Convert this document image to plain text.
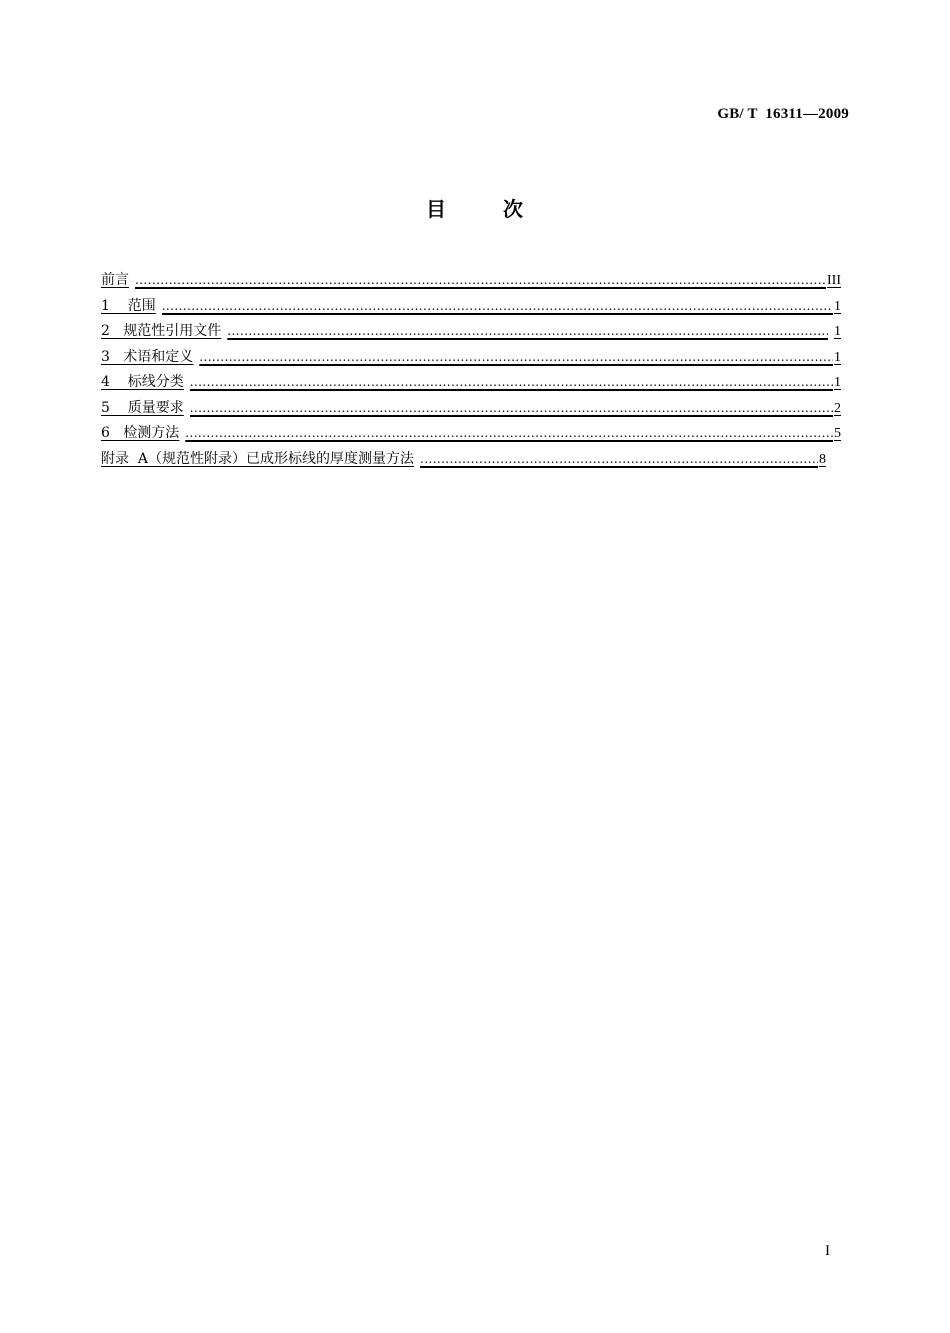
GB/ T  16311—2009
目 次
前言 .....	III
1    范围 .....	1
2   规范性引用文件 .....	1
3   术语和定义 .....	1
4    标线分类 .....	1
5    质量要求 .....	2
6   检测方法 .....	5
附录  A（规范性附录）已成形标线的厚度测量方法 .....	8
I
